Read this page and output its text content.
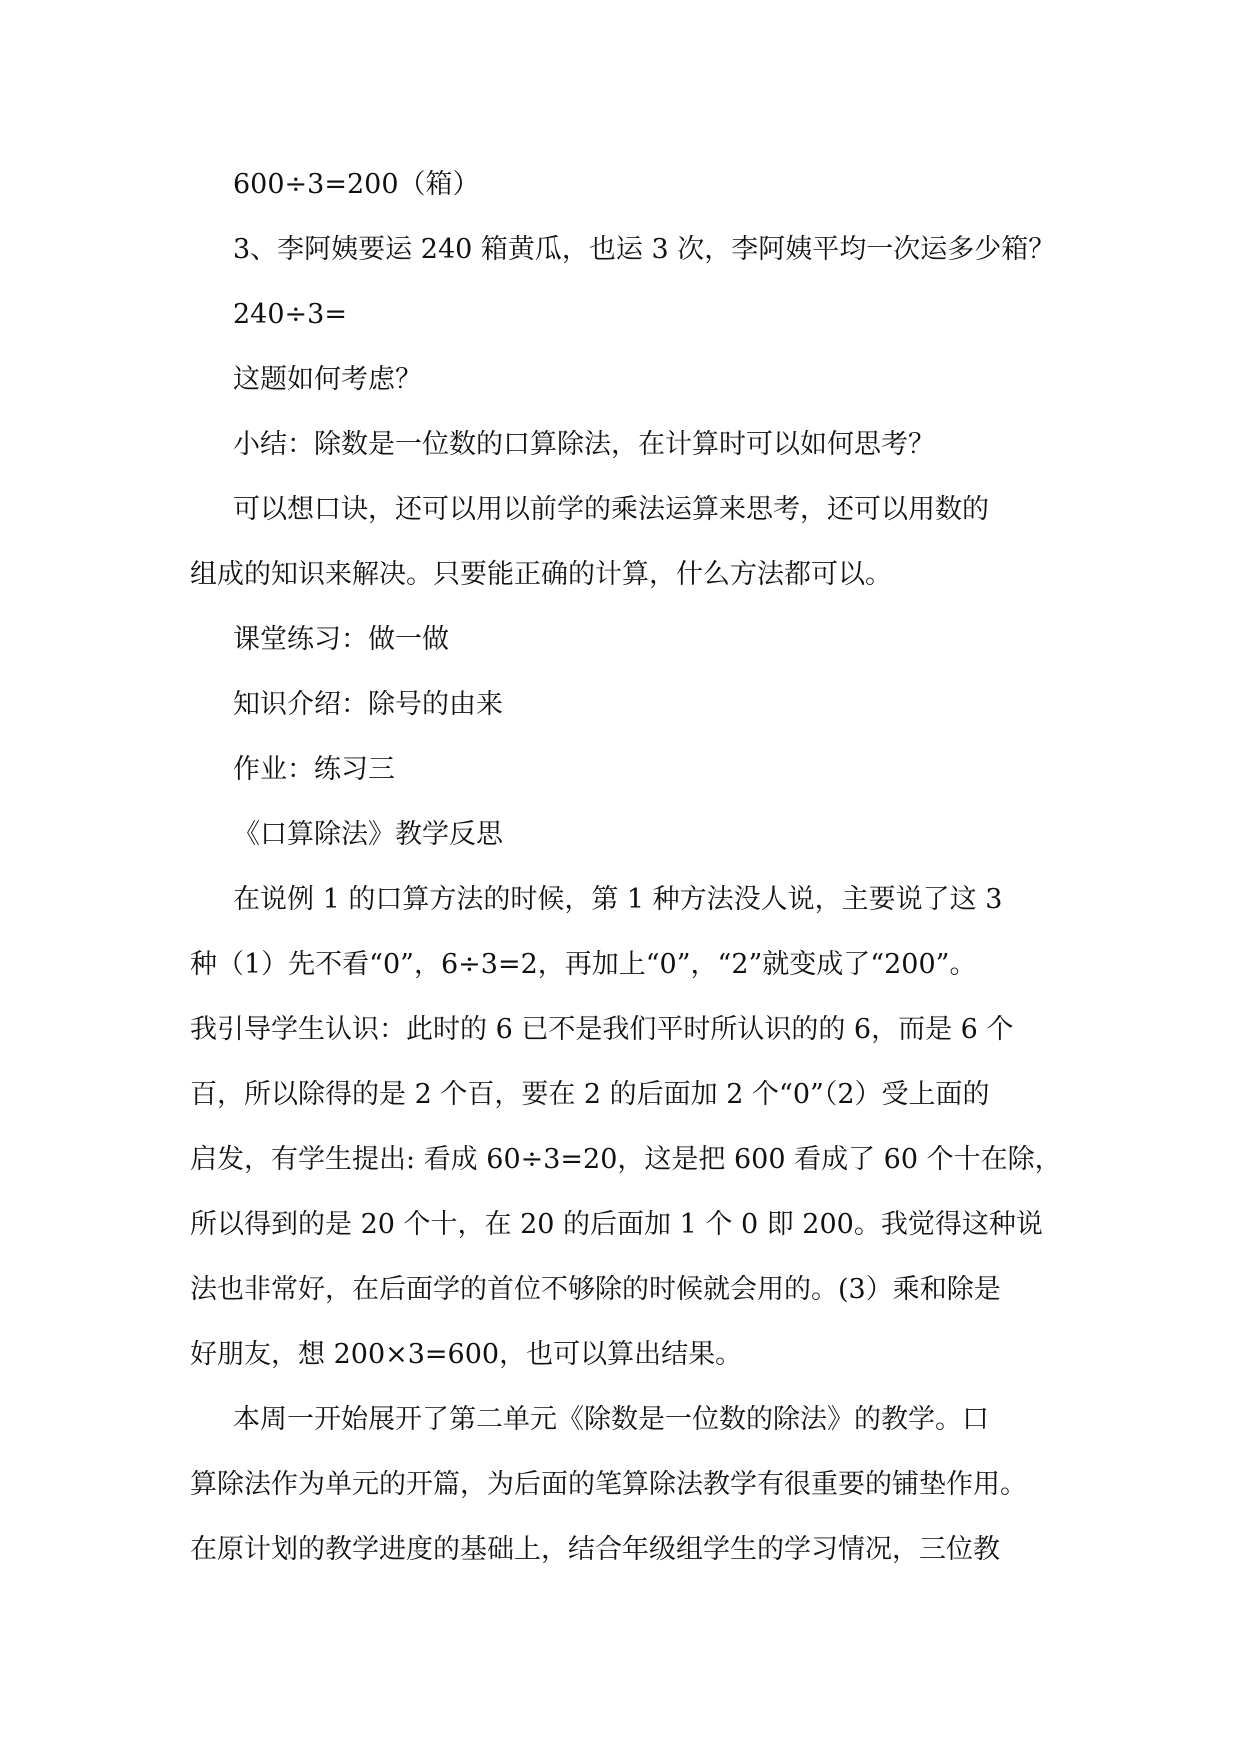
600÷3=200（箱）
3、李阿姨要运 240 箱黄瓜，也运 3 次，李阿姨平均一次运多少箱？
240÷3=
这题如何考虑？
小结：除数是一位数的口算除法，在计算时可以如何思考？
可以想口诀，还可以用以前学的乘法运算来思考，还可以用数的
组成的知识来解决。只要能正确的计算，什么方法都可以。
课堂练习：做一做
知识介绍：除号的由来
作业：练习三
《口算除法》教学反思
在说例 1 的口算方法的时候，第 1 种方法没人说，主要说了这 3
种（1）先不看“0”，6÷3=2，再加上“0”，“2”就变成了“200”。
我引导学生认识：此时的 6 已不是我们平时所认识的的 6，而是 6 个
百，所以除得的是 2 个百，要在 2 的后面加 2 个“0”（2）受上面的
启发，有学生提出: 看成 60÷3=20，这是把 600 看成了 60 个十在除，
所以得到的是 20 个十，在 20 的后面加 1 个 0 即 200。我觉得这种说
法也非常好，在后面学的首位不够除的时候就会用的。(3）乘和除是
好朋友，想 200×3=600，也可以算出结果。
本周一开始展开了第二单元《除数是一位数的除法》的教学。口
算除法作为单元的开篇，为后面的笔算除法教学有很重要的铺垫作用。
在原计划的教学进度的基础上，结合年级组学生的学习情况，三位教
